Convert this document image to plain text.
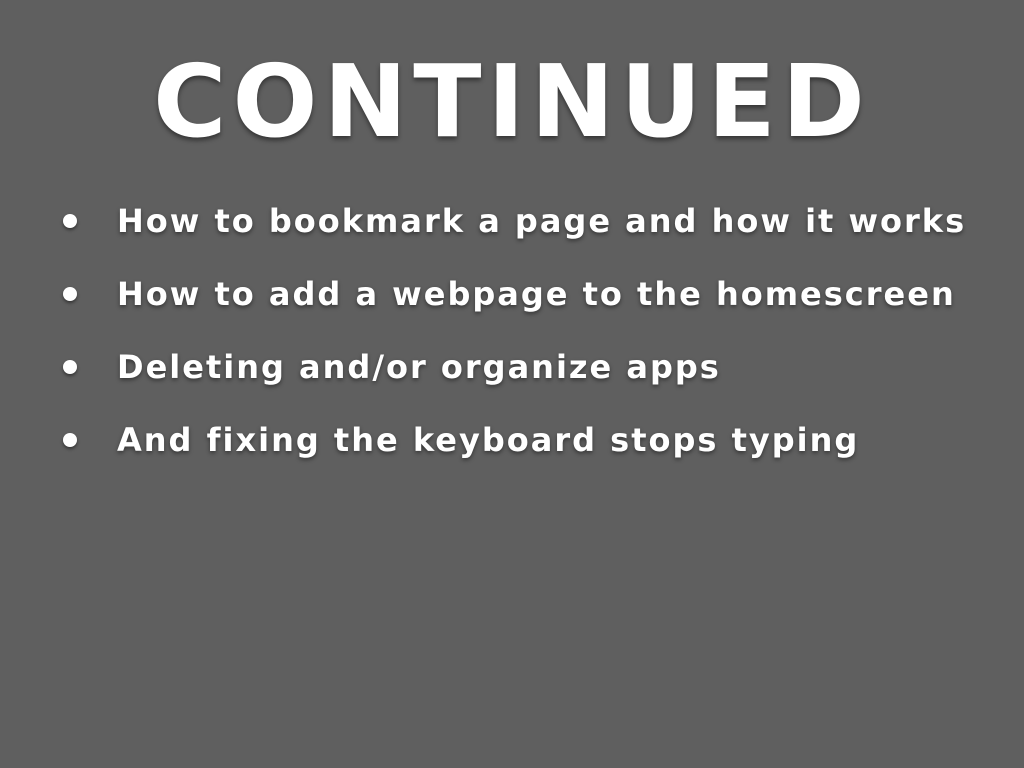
CONTINUED
How to bookmark a page and how it works
How to add a webpage to the homescreen
Deleting and/or organize apps
And fixing the keyboard stops typing
